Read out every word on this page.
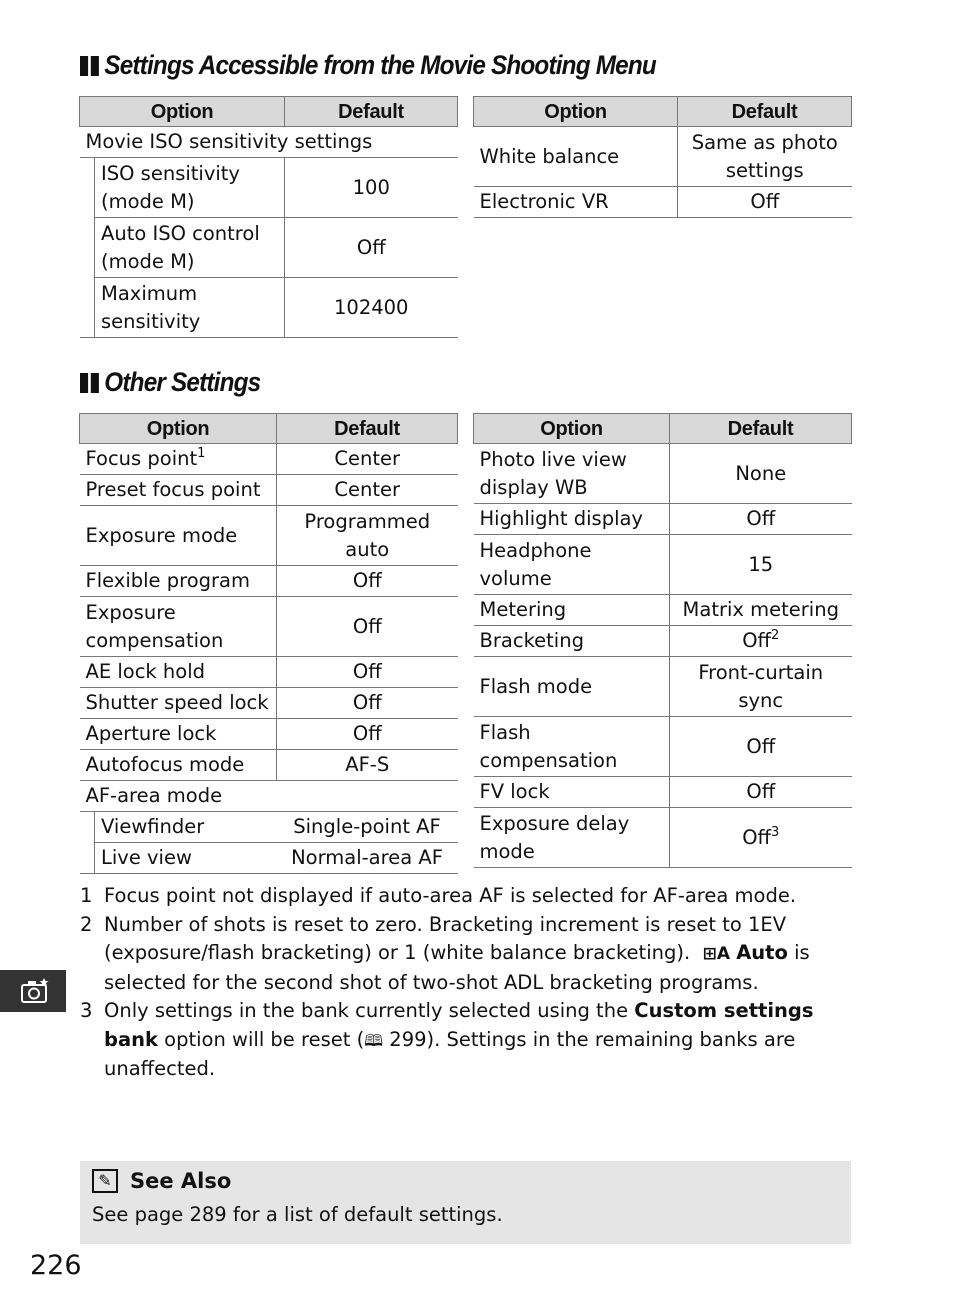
Settings Accessible from the Movie Shooting Menu
Option		Default
Movie ISO sensitivity settings		
	ISO sensitivity (mode M)	100
	Auto ISO control (mode M)	Off
	Maximum sensitivity	102400
Option	Default
White balance	Same as photo settings
Electronic VR	Off
Other Settings
Option		Default
Focus point$^1$		Center
Preset focus point		Center
Exposure mode		Programmed auto
Flexible program		Off
Exposure compensation		Off
AE lock hold		Off
Shutter speed lock		Off
Aperture lock		Off
Autofocus mode		AF-S
AF-area mode		
	Viewfinder	Single-point AF
	Live view	Normal-area AF
Option	Default
Photo live view display WB	None
Highlight display	Off
Headphone volume	15
Metering	Matrix metering
Bracketing	Off$^2$
Flash mode	Front-curtain sync
Flash compensation	Off
FV lock	Off
Exposure delay mode	Off$^3$
1 Focus point not displayed if auto-area AF is selected for AF-area mode.
2 Number of shots is reset to zero. Bracketing increment is reset to 1EV (exposure/flash bracketing) or 1 (white balance bracketing). ⊞A Auto is selected for the second shot of two-shot ADL bracketing programs.
3 Only settings in the bank currently selected using the Custom settings bank option will be reset (🕮 299). Settings in the remaining banks are unaffected.
✎ See Also
See page 289 for a list of default settings.
226
